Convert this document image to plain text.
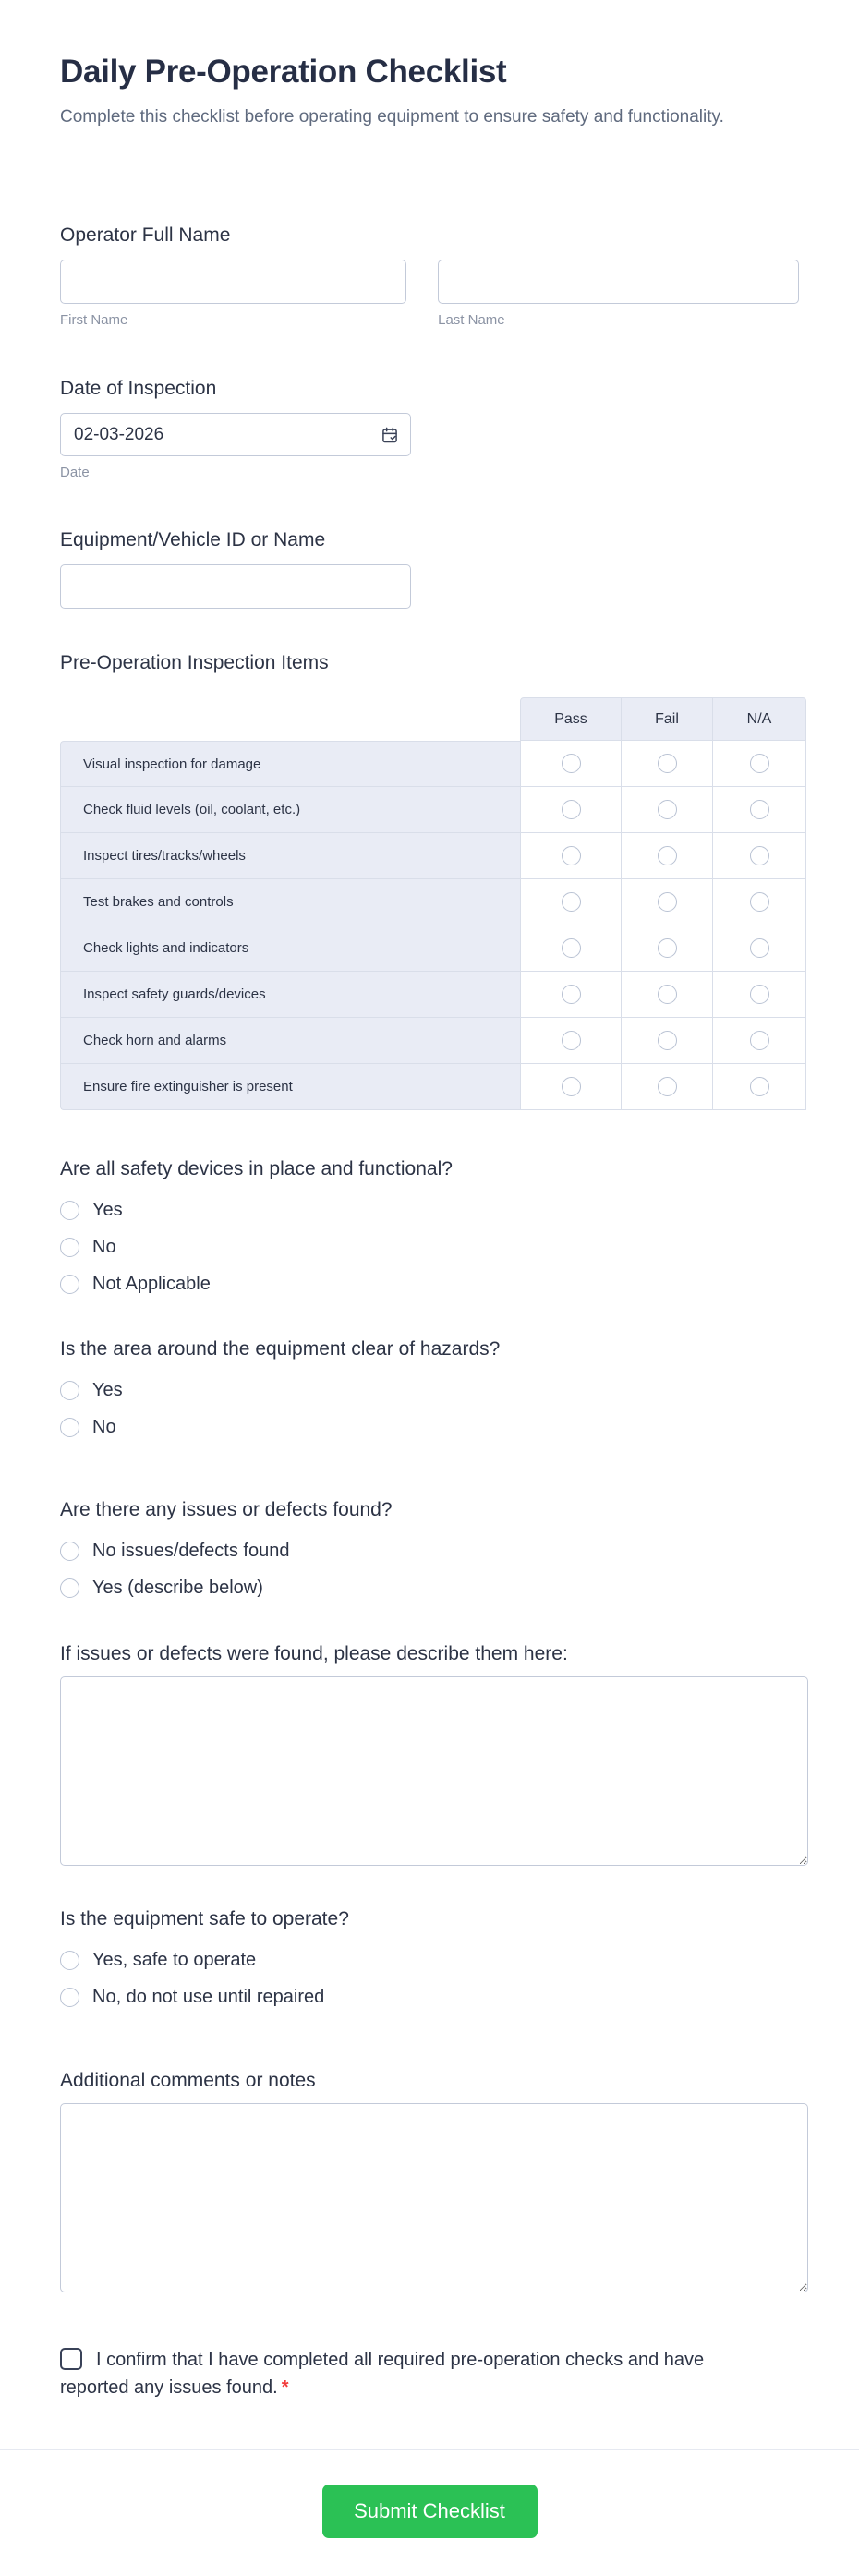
Daily Pre-Operation Checklist
Complete this checklist before operating equipment to ensure safety and functionality.
Operator Full Name
First Name	Last Name
Date of Inspection
02-03-2026
Date
Equipment/Vehicle ID or Name
Pre-Operation Inspection Items
Pass	Fail	N/A
Visual inspection for damage
Check fluid levels (oil, coolant, etc.)
Inspect tires/tracks/wheels
Test brakes and controls
Check lights and indicators
Inspect safety guards/devices
Check horn and alarms
Ensure fire extinguisher is present
Are all safety devices in place and functional?
Yes
No
Not Applicable
Is the area around the equipment clear of hazards?
Yes
No
Are there any issues or defects found?
No issues/defects found
Yes (describe below)
If issues or defects were found, please describe them here:
Is the equipment safe to operate?
Yes, safe to operate
No, do not use until repaired
Additional comments or notes
I confirm that I have completed all required pre-operation checks and have reported any issues found. *
Submit Checklist
